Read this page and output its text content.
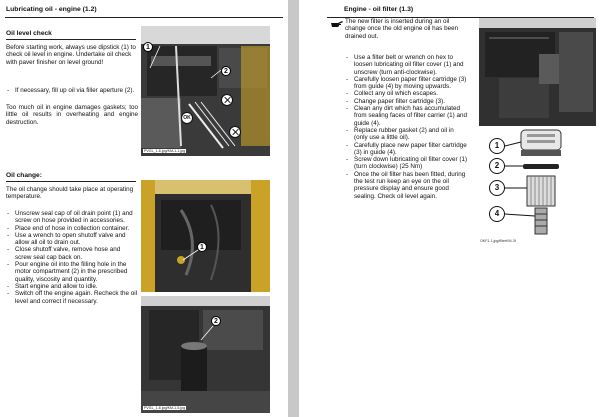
Lubricating oil - engine (1.2)
Oil level check

Before starting work, always use dipstick (1) to check oil level in engine. Undertake oil check with paver finisher on level ground!

- If necessary, fill up oil via filler aperture (2).

Too much oil in engine damages gaskets; too little oil results in overheating and engine destruction.

1
2
OK
PVGL_1-6.jpg/KM-1-1.jpg
Oil change:

The oil change should take place at operating temperature.

- Unscrew seal cap of oil drain point (1) and screw on hose provided in accessories.
- Place end of hose in collection container.
- Use a wrench to open shutoff valve and allow all oil to drain out.
- Close shutoff valve, remove hose and screw seal cap back on.
- Pour engine oil into the filling hole in the motor compartment (2) in the prescribed quality, viscosity and quantity.
- Start engine and allow to idle.
- Switch off the engine again. Recheck the oil level and correct if necessary.
1
2
PVGL_1-6.jpg/KM-1-5.jpg
Engine - oil filter (1.3)

The new filter is inserted during an oil change once the old engine oil has been drained out.

- Use a filter belt or wrench on hex to loosen lubricating oil filter cover (1) and unscrew (turn anti-clockwise).
- Carefully loosen paper filter cartridge (3) from guide (4) by moving upwards.
- Collect any oil which escapes.
- Change paper filter cartridge (3).
- Clean any dirt which has accumulated from sealing faces of filter carrier (1) and guide (4).
- Replace rubber gasket (2) and oil in (only use a little oil).
- Carefully place new paper filter cartridge (3) in guide (4).
- Screw down lubricating oil filter cover (1) (turn clockwise) (25 Nm)
- Once the oil filter has been fitted, during the test run keep an eye on the oil pressure display and ensure good sealing. Check oil level again.
1
2
3
4
OKF1-1.jpg/filterKM-3f
